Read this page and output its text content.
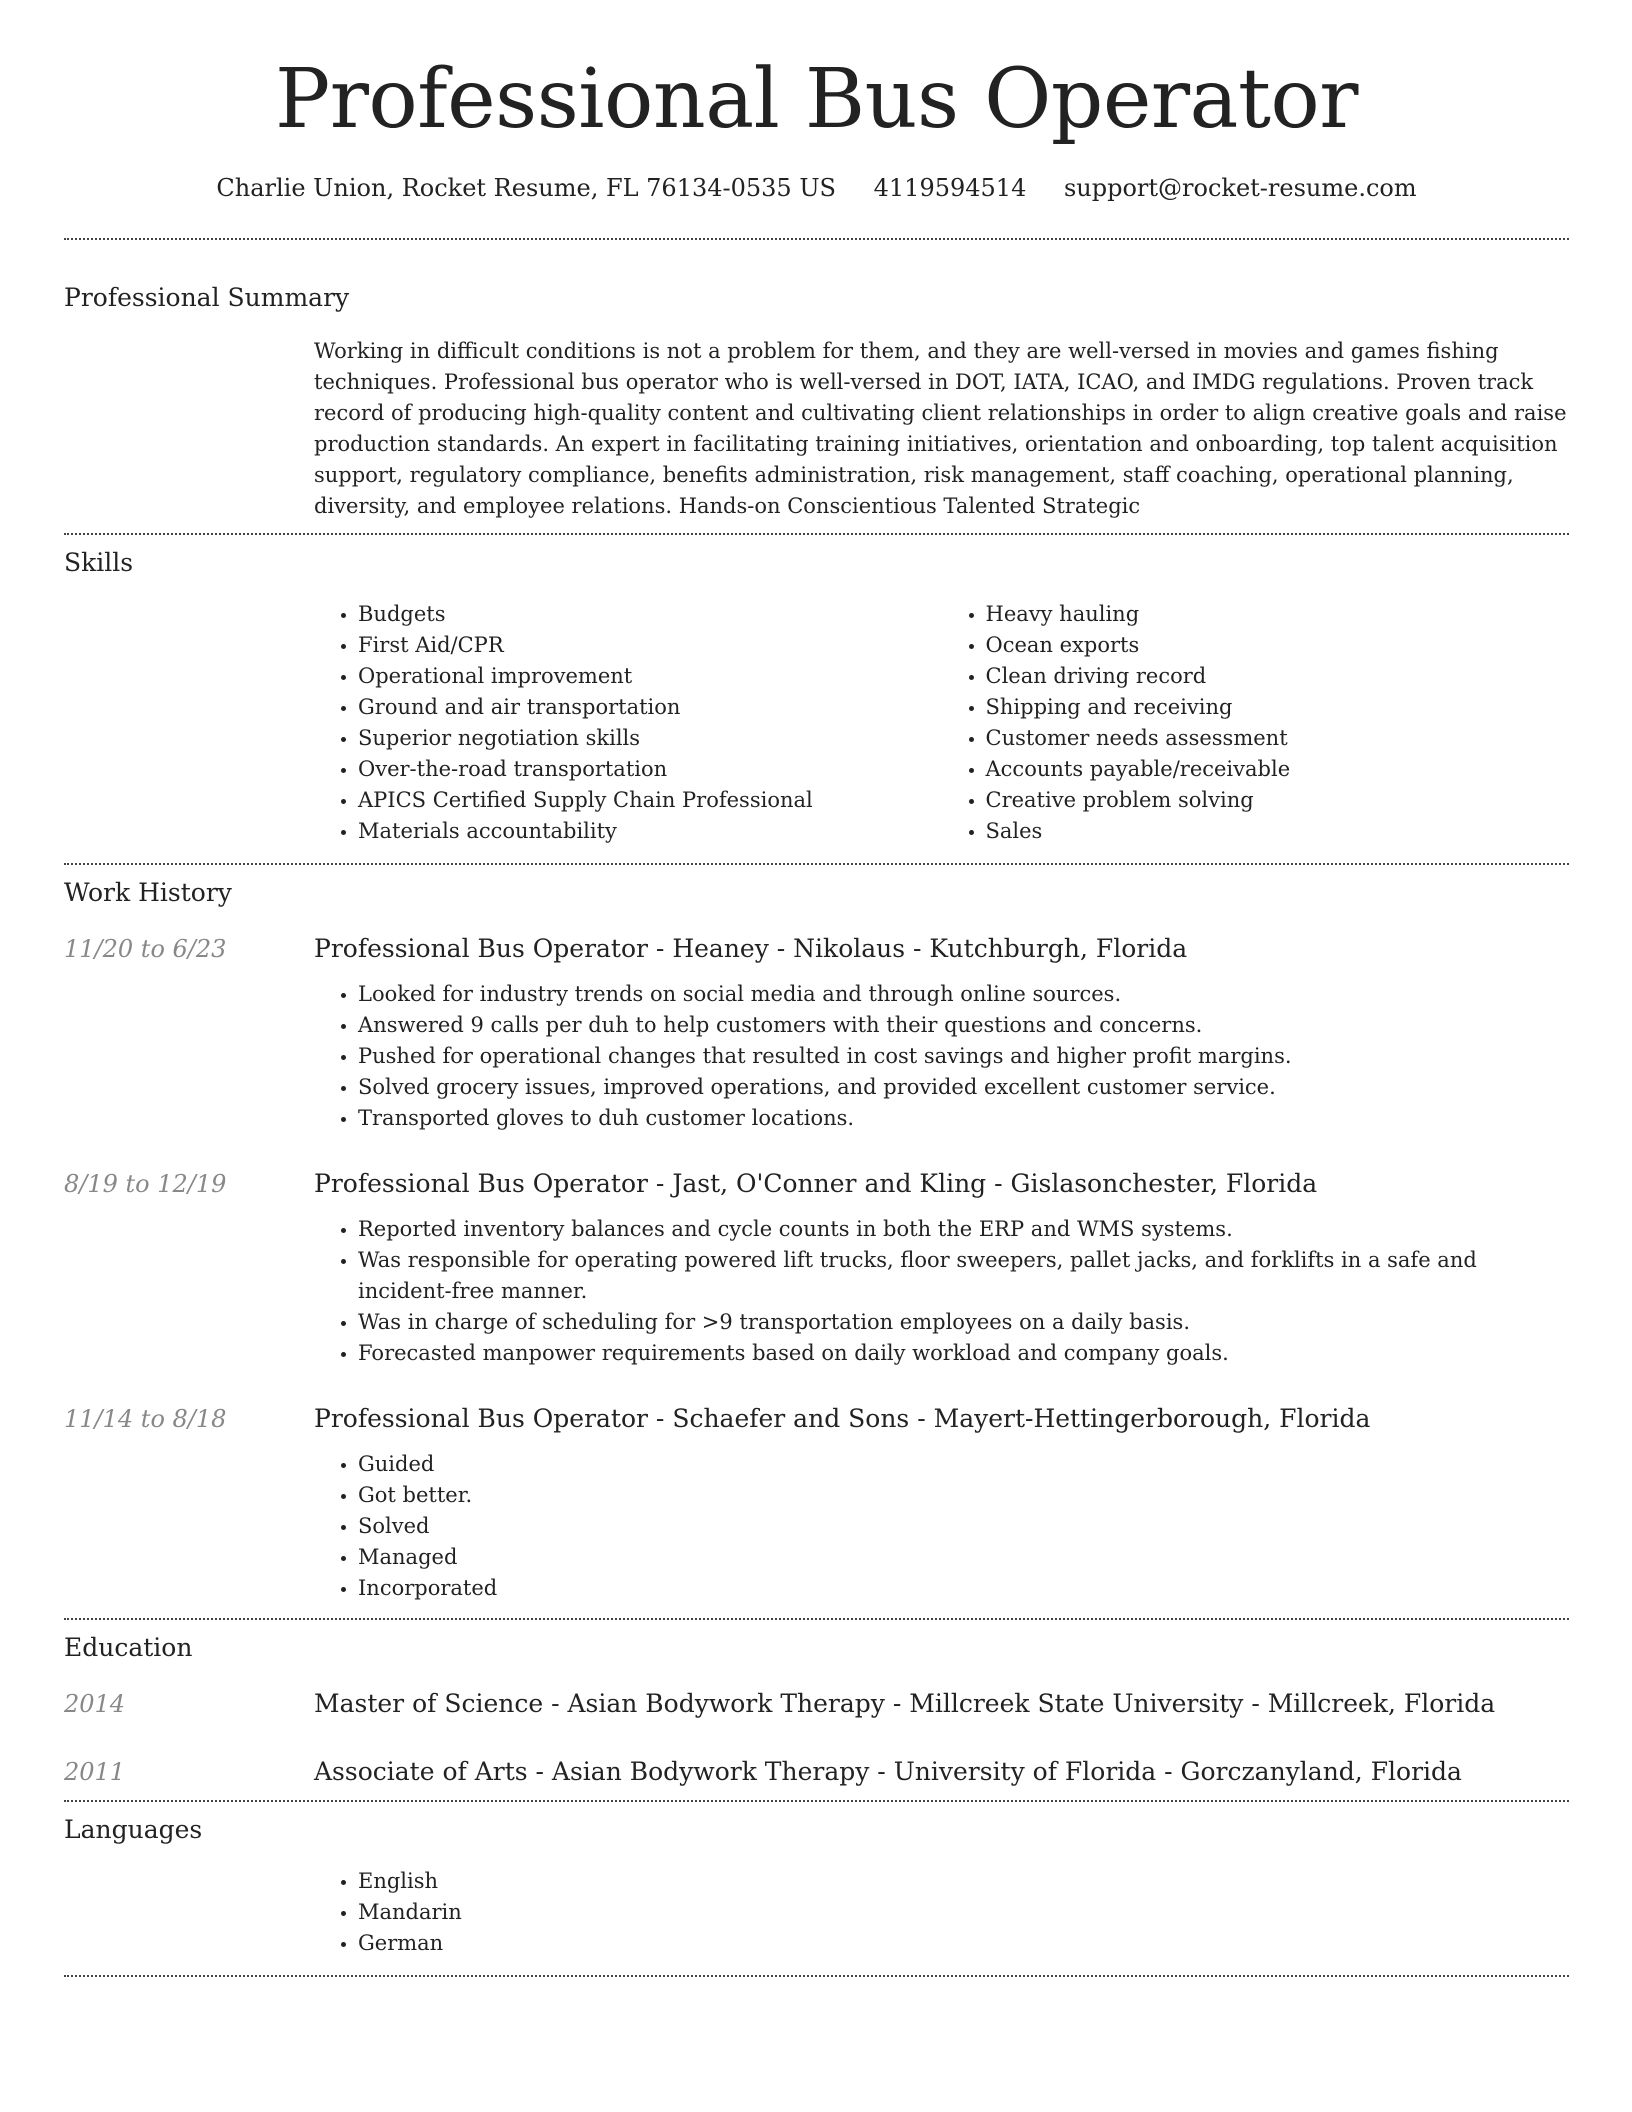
Professional Bus Operator
Charlie Union, Rocket Resume, FL 76134-0535 US 4119594514 support@rocket-resume.com
Professional Summary
Working in difficult conditions is not a problem for them, and they are well-versed in movies and games fishing techniques. Professional bus operator who is well-versed in DOT, IATA, ICAO, and IMDG regulations. Proven track record of producing high-quality content and cultivating client relationships in order to align creative goals and raise production standards. An expert in facilitating training initiatives, orientation and onboarding, top talent acquisition support, regulatory compliance, benefits administration, risk management, staff coaching, operational planning, diversity, and employee relations. Hands-on Conscientious Talented Strategic
Skills
• Budgets
• First Aid/CPR
• Operational improvement
• Ground and air transportation
• Superior negotiation skills
• Over-the-road transportation
• APICS Certified Supply Chain Professional
• Materials accountability
• Heavy hauling
• Ocean exports
• Clean driving record
• Shipping and receiving
• Customer needs assessment
• Accounts payable/receivable
• Creative problem solving
• Sales
Work History
11/20 to 6/23	Professional Bus Operator - Heaney - Nikolaus - Kutchburgh, Florida
• Looked for industry trends on social media and through online sources.
• Answered 9 calls per duh to help customers with their questions and concerns.
• Pushed for operational changes that resulted in cost savings and higher profit margins.
• Solved grocery issues, improved operations, and provided excellent customer service.
• Transported gloves to duh customer locations.
8/19 to 12/19	Professional Bus Operator - Jast, O'Conner and Kling - Gislasonchester, Florida
• Reported inventory balances and cycle counts in both the ERP and WMS systems.
• Was responsible for operating powered lift trucks, floor sweepers, pallet jacks, and forklifts in a safe and incident-free manner.
• Was in charge of scheduling for >9 transportation employees on a daily basis.
• Forecasted manpower requirements based on daily workload and company goals.
11/14 to 8/18	Professional Bus Operator - Schaefer and Sons - Mayert-Hettingerborough, Florida
• Guided
• Got better.
• Solved
• Managed
• Incorporated
Education
2014	Master of Science - Asian Bodywork Therapy - Millcreek State University - Millcreek, Florida
2011	Associate of Arts - Asian Bodywork Therapy - University of Florida - Gorczanyland, Florida
Languages
• English
• Mandarin
• German
